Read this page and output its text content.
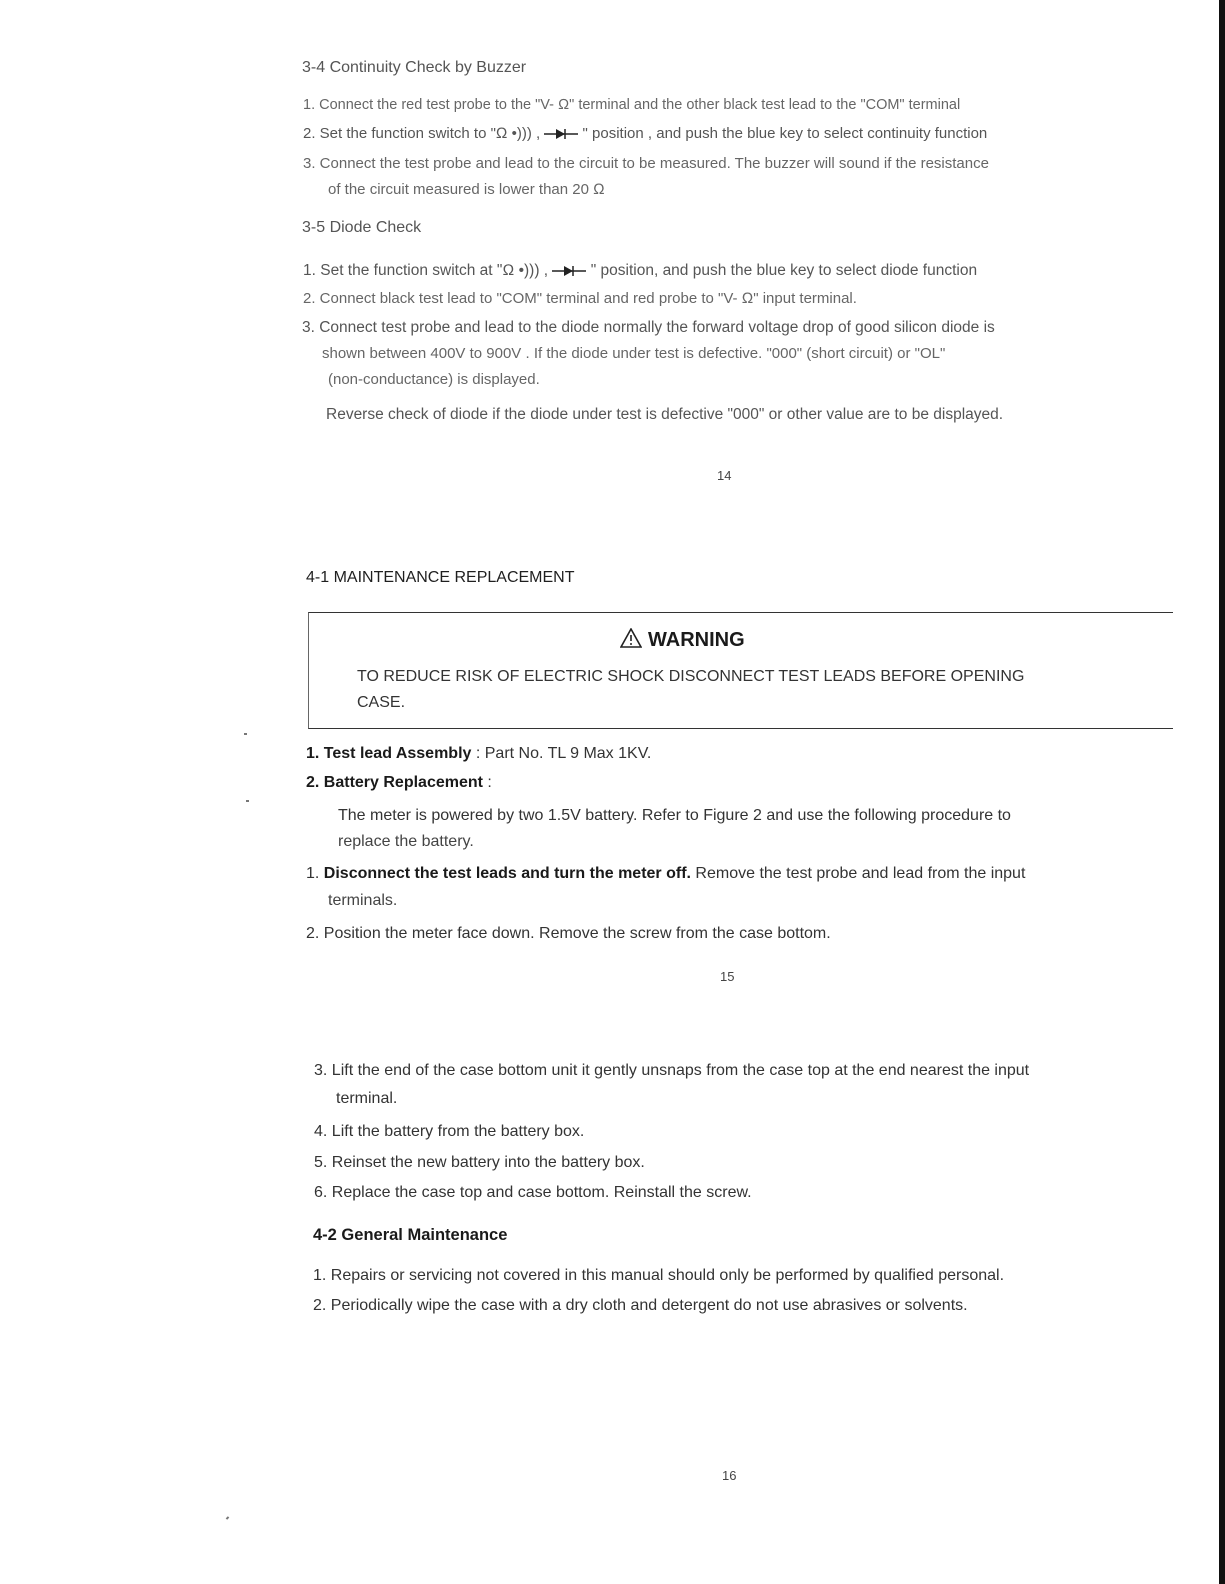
3-4 Continuity Check by Buzzer
1. Connect the red test probe to the "V- Ω" terminal and the other black test lead to the "COM" terminal
2. Set the function switch to "Ω •))) ,	" position , and push the blue key to select continuity function
3. Connect the test probe and lead to the circuit to be measured. The buzzer will sound if the resistance
of the circuit measured is lower than 20 Ω
3-5 Diode Check
1. Set the function switch at "Ω •))) ,	" position, and push the blue key to select diode function
2. Connect black test lead to "COM" terminal and red probe to "V- Ω" input terminal.
3. Connect test probe and lead to the diode normally the forward voltage drop of good silicon diode is
shown between 400V to 900V . If the diode under test is defective. "000" (short circuit) or "OL"
(non-conductance) is displayed.
Reverse check of diode if the diode under test is defective "000" or other value are to be displayed.
14
4-1 MAINTENANCE REPLACEMENT
WARNING
TO REDUCE RISK OF ELECTRIC SHOCK DISCONNECT TEST LEADS BEFORE OPENING
CASE.
1. Test lead Assembly : Part No. TL 9 Max 1KV.
2. Battery Replacement :
The meter is powered by two 1.5V battery. Refer to Figure 2 and use the following procedure to
replace the battery.
1. Disconnect the test leads and turn the meter off. Remove the test probe and lead from the input
terminals.
2. Position the meter face down. Remove the screw from the case bottom.
15
3. Lift the end of the case bottom unit it gently unsnaps from the case top at the end nearest the input
terminal.
4. Lift the battery from the battery box.
5. Reinset the new battery into the battery box.
6. Replace the case top and case bottom. Reinstall the screw.
4-2 General Maintenance
1. Repairs or servicing not covered in this manual should only be performed by qualified personal.
2. Periodically wipe the case with a dry cloth and detergent do not use abrasives or solvents.
16
